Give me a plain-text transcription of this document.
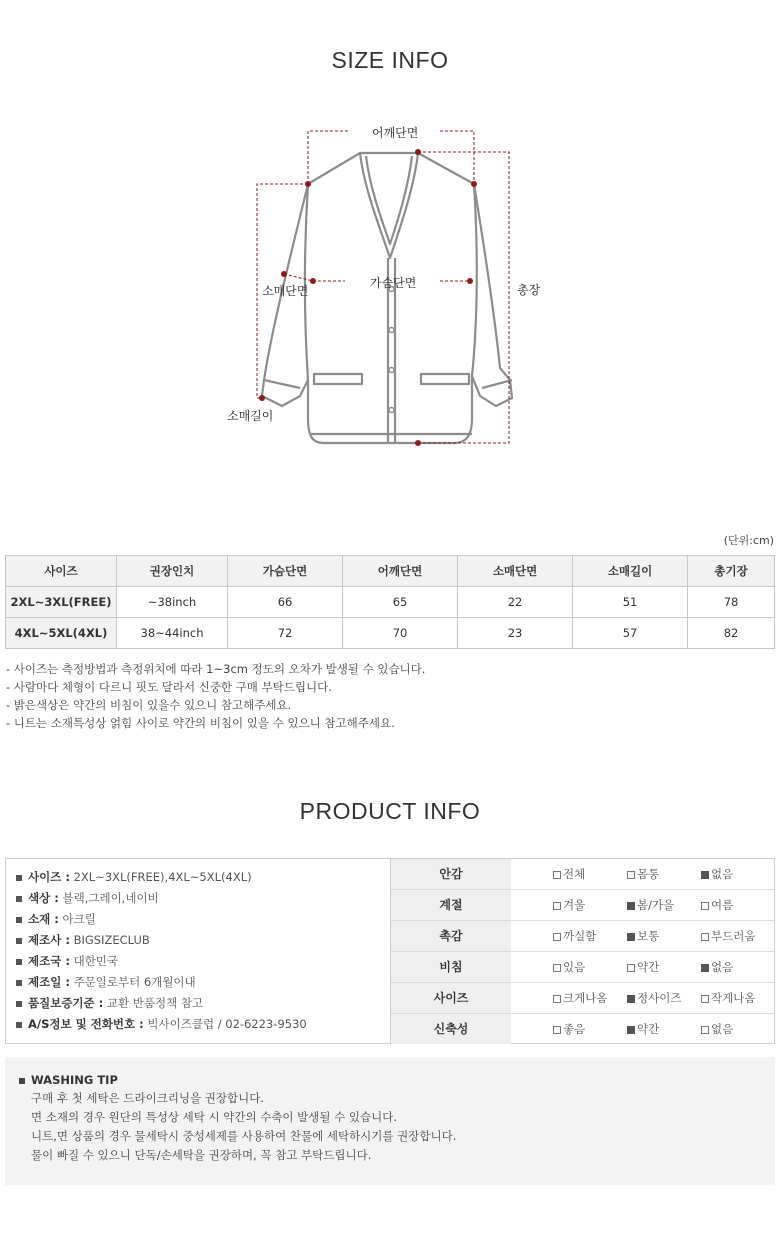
SIZE INFO
어깨단면
가슴단면
소매단면	총장
소매길이
(단위:cm)
사이즈	권장인치	가슴단면	어깨단면	소매단면	소매길이	총기장
2XL~3XL(FREE)	~38inch	66	65	22	51	78
4XL~5XL(4XL)	38~44inch	72	70	23	57	82
- 사이즈는 측정방법과 측정위치에 따라 1~3cm 정도의 오차가 발생될 수 있습니다.
- 사람마다 체형이 다르니 핏도 달라서 신중한 구매 부탁드립니다.
- 밝은색상은 약간의 비침이 있을수 있으니 참고해주세요.
- 니트는 소재특성상 얽힘 사이로 약간의 비침이 있을 수 있으니 참고해주세요.
PRODUCT INFO
사이즈 : 2XL~3XL(FREE),4XL~5XL(4XL)
색상 : 블랙,그레이,네이비
소재 : 아크릴
제조사 : BIGSIZECLUB
제조국 : 대한민국
제조일 : 주문일로부터 6개월이내
품질보증기준 : 교환 반품정책 참고
A/S정보 및 전화번호 : 빅사이즈클럽 / 02-6223-9530
안감	전체	몸통	없음
계절	겨울	봄/가을	여름
촉감	까실함	보통	부드러움
비침	있음	약간	없음
사이즈	크게나옴	정사이즈	작게나옴
신축성	좋음	약간	없음
WASHING TIP
구매 후 첫 세탁은 드라이크리닝을 권장합니다.
면 소재의 경우 원단의 특성상 세탁 시 약간의 수축이 발생될 수 있습니다.
니트,면 상품의 경우 물세탁시 중성세제를 사용하여 찬물에 세탁하시기를 권장합니다.
물이 빠질 수 있으니 단독/손세탁을 권장하며, 꼭 참고 부탁드립니다.
